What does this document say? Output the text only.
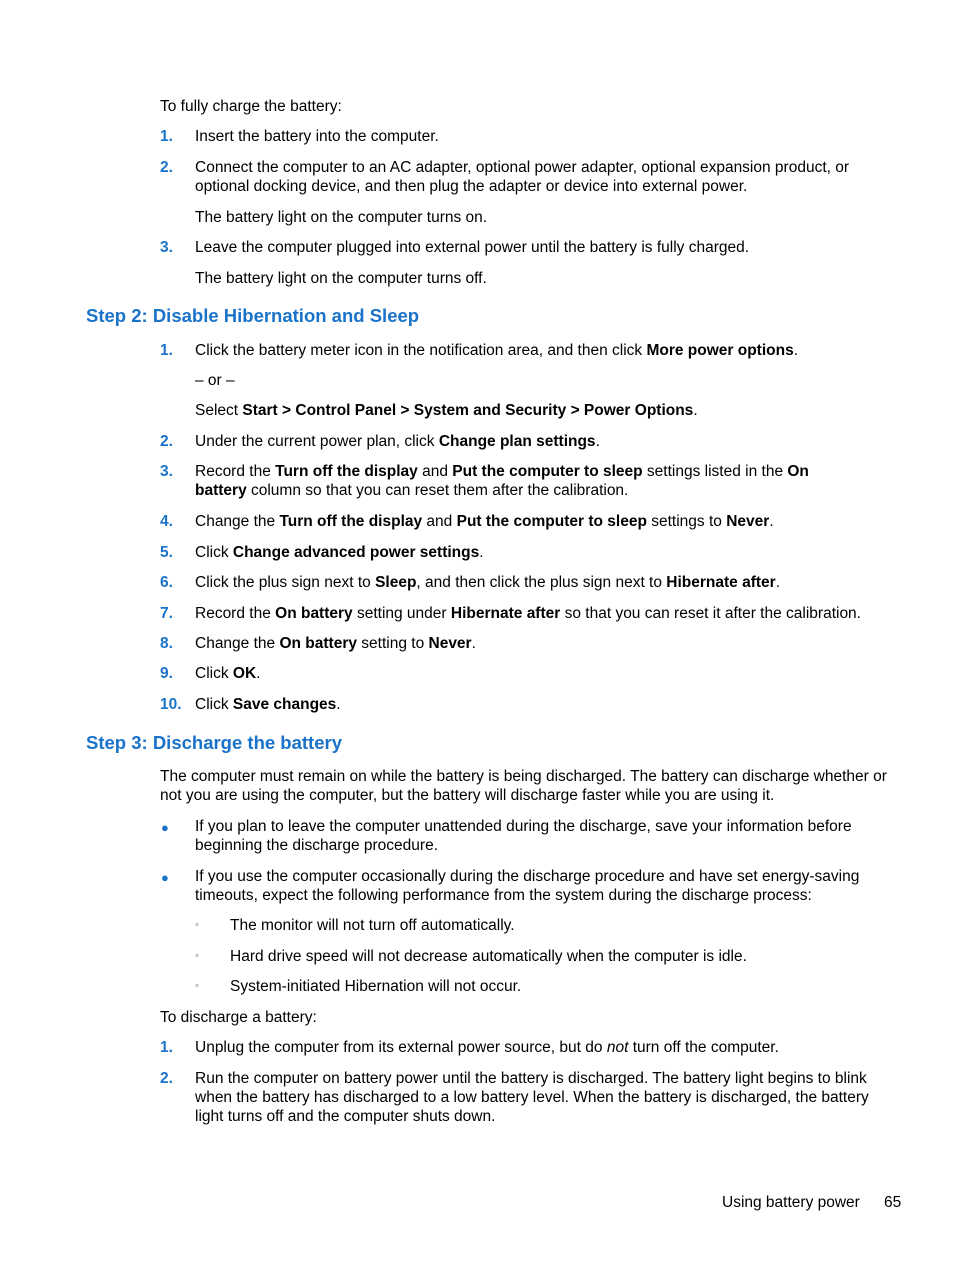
To fully charge the battery:
1. Insert the battery into the computer.
2. Connect the computer to an AC adapter, optional power adapter, optional expansion product, or optional docking device, and then plug the adapter or device into external power.
The battery light on the computer turns on.
3. Leave the computer plugged into external power until the battery is fully charged.
The battery light on the computer turns off.
Step 2: Disable Hibernation and Sleep
1. Click the battery meter icon in the notification area, and then click More power options.
– or –
Select Start > Control Panel > System and Security > Power Options.
2. Under the current power plan, click Change plan settings.
3. Record the Turn off the display and Put the computer to sleep settings listed in the On battery column so that you can reset them after the calibration.
4. Change the Turn off the display and Put the computer to sleep settings to Never.
5. Click Change advanced power settings.
6. Click the plus sign next to Sleep, and then click the plus sign next to Hibernate after.
7. Record the On battery setting under Hibernate after so that you can reset it after the calibration.
8. Change the On battery setting to Never.
9. Click OK.
10. Click Save changes.
Step 3: Discharge the battery
The computer must remain on while the battery is being discharged. The battery can discharge whether or not you are using the computer, but the battery will discharge faster while you are using it.
● If you plan to leave the computer unattended during the discharge, save your information before beginning the discharge procedure.
● If you use the computer occasionally during the discharge procedure and have set energy-saving timeouts, expect the following performance from the system during the discharge process:
◦ The monitor will not turn off automatically.
◦ Hard drive speed will not decrease automatically when the computer is idle.
◦ System-initiated Hibernation will not occur.
To discharge a battery:
1. Unplug the computer from its external power source, but do not turn off the computer.
2. Run the computer on battery power until the battery is discharged. The battery light begins to blink when the battery has discharged to a low battery level. When the battery is discharged, the battery light turns off and the computer shuts down.
Using battery power 65
